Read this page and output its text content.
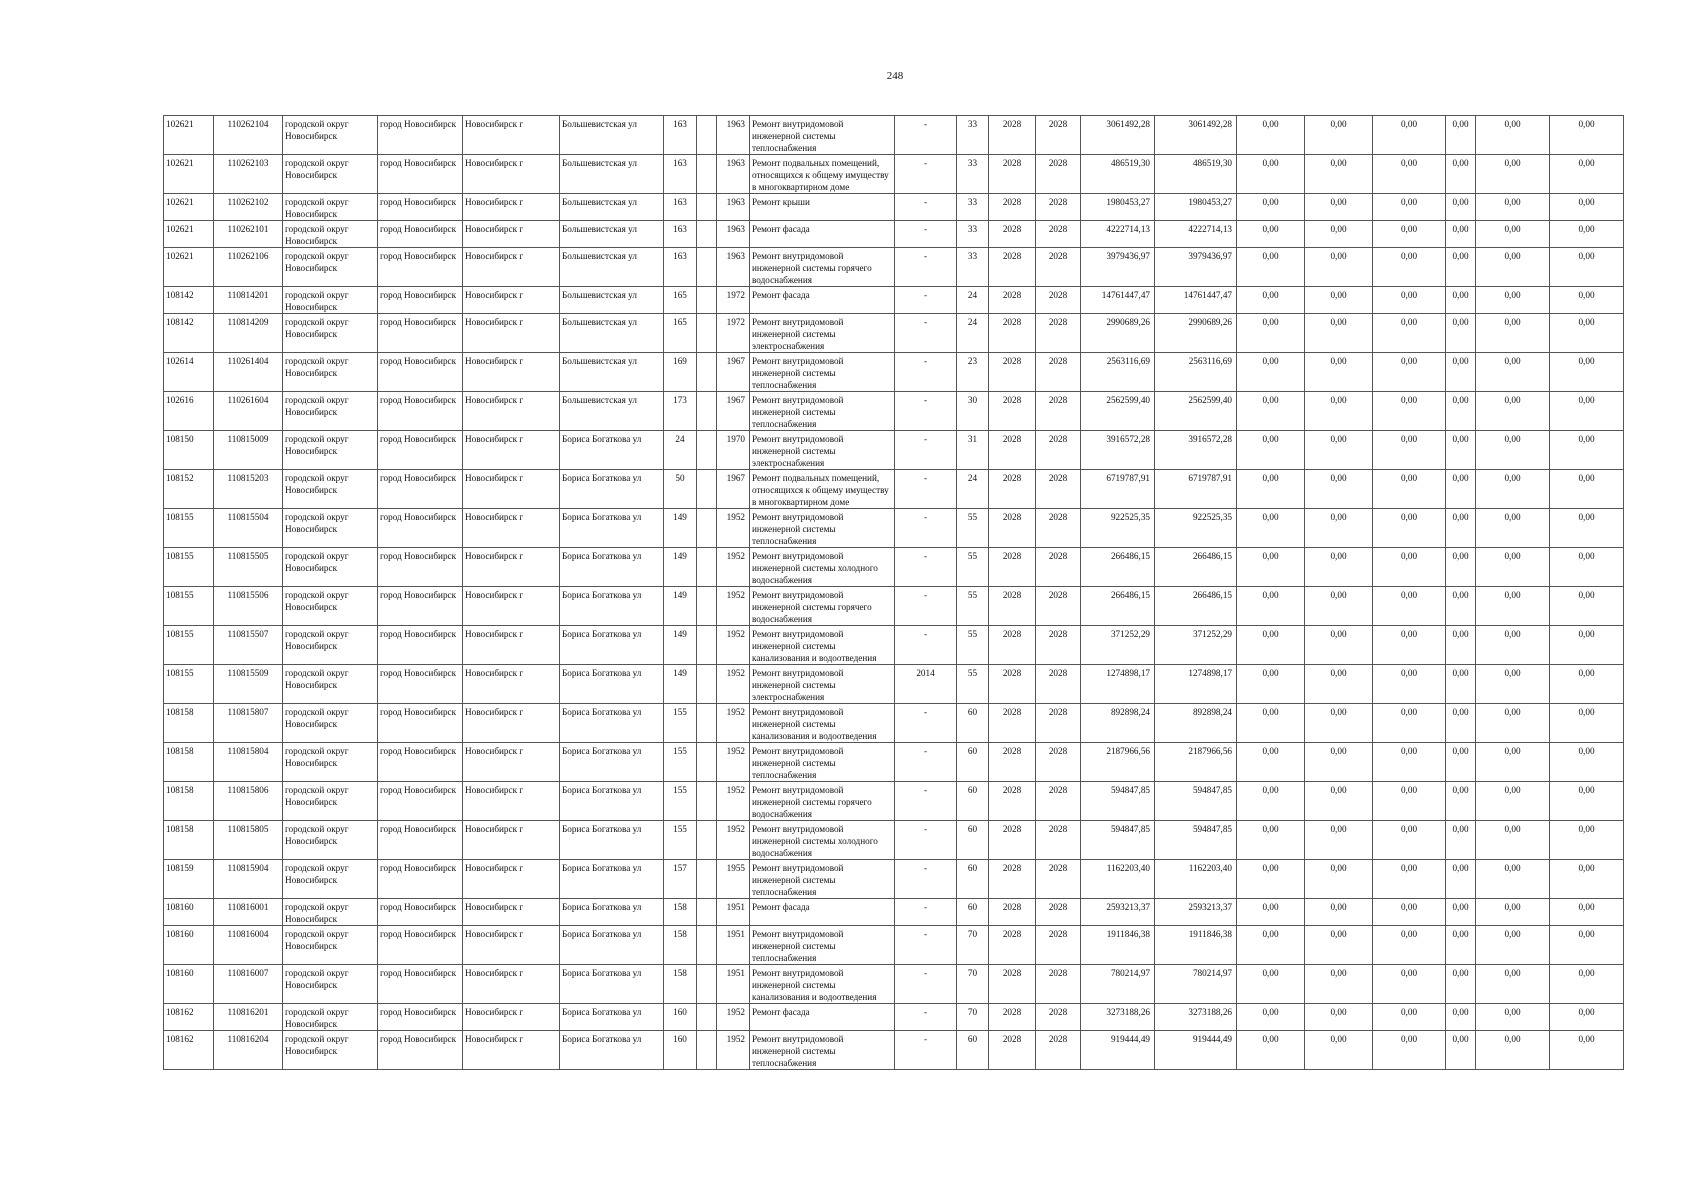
248
102621	110262104	городской округ Новосибирск	город Новосибирск	Новосибирск г	Большевистская ул	163		1963	Ремонт внутридомовой инженерной системы теплоснабжения	-	33	2028	2028	3061492,28	3061492,28	0,00	0,00	0,00	0,00	0,00	0,00
102621	110262103	городской округ Новосибирск	город Новосибирск	Новосибирск г	Большевистская ул	163		1963	Ремонт подвальных помещений, относящихся к общему имуществу в многоквартирном доме	-	33	2028	2028	486519,30	486519,30	0,00	0,00	0,00	0,00	0,00	0,00
102621	110262102	городской округ Новосибирск	город Новосибирск	Новосибирск г	Большевистская ул	163		1963	Ремонт крыши	-	33	2028	2028	1980453,27	1980453,27	0,00	0,00	0,00	0,00	0,00	0,00
102621	110262101	городской округ Новосибирск	город Новосибирск	Новосибирск г	Большевистская ул	163		1963	Ремонт фасада	-	33	2028	2028	4222714,13	4222714,13	0,00	0,00	0,00	0,00	0,00	0,00
102621	110262106	городской округ Новосибирск	город Новосибирск	Новосибирск г	Большевистская ул	163		1963	Ремонт внутридомовой инженерной системы горячего водоснабжения	-	33	2028	2028	3979436,97	3979436,97	0,00	0,00	0,00	0,00	0,00	0,00
108142	110814201	городской округ Новосибирск	город Новосибирск	Новосибирск г	Большевистская ул	165		1972	Ремонт фасада	-	24	2028	2028	14761447,47	14761447,47	0,00	0,00	0,00	0,00	0,00	0,00
108142	110814209	городской округ Новосибирск	город Новосибирск	Новосибирск г	Большевистская ул	165		1972	Ремонт внутридомовой инженерной системы электроснабжения	-	24	2028	2028	2990689,26	2990689,26	0,00	0,00	0,00	0,00	0,00	0,00
102614	110261404	городской округ Новосибирск	город Новосибирск	Новосибирск г	Большевистская ул	169		1967	Ремонт внутридомовой инженерной системы теплоснабжения	-	23	2028	2028	2563116,69	2563116,69	0,00	0,00	0,00	0,00	0,00	0,00
102616	110261604	городской округ Новосибирск	город Новосибирск	Новосибирск г	Большевистская ул	173		1967	Ремонт внутридомовой инженерной системы теплоснабжения	-	30	2028	2028	2562599,40	2562599,40	0,00	0,00	0,00	0,00	0,00	0,00
108150	110815009	городской округ Новосибирск	город Новосибирск	Новосибирск г	Бориса Богаткова ул	24		1970	Ремонт внутридомовой инженерной системы электроснабжения	-	31	2028	2028	3916572,28	3916572,28	0,00	0,00	0,00	0,00	0,00	0,00
108152	110815203	городской округ Новосибирск	город Новосибирск	Новосибирск г	Бориса Богаткова ул	50		1967	Ремонт подвальных помещений, относящихся к общему имуществу в многоквартирном доме	-	24	2028	2028	6719787,91	6719787,91	0,00	0,00	0,00	0,00	0,00	0,00
108155	110815504	городской округ Новосибирск	город Новосибирск	Новосибирск г	Бориса Богаткова ул	149		1952	Ремонт внутридомовой инженерной системы теплоснабжения	-	55	2028	2028	922525,35	922525,35	0,00	0,00	0,00	0,00	0,00	0,00
108155	110815505	городской округ Новосибирск	город Новосибирск	Новосибирск г	Бориса Богаткова ул	149		1952	Ремонт внутридомовой инженерной системы холодного водоснабжения	-	55	2028	2028	266486,15	266486,15	0,00	0,00	0,00	0,00	0,00	0,00
108155	110815506	городской округ Новосибирск	город Новосибирск	Новосибирск г	Бориса Богаткова ул	149		1952	Ремонт внутридомовой инженерной системы горячего водоснабжения	-	55	2028	2028	266486,15	266486,15	0,00	0,00	0,00	0,00	0,00	0,00
108155	110815507	городской округ Новосибирск	город Новосибирск	Новосибирск г	Бориса Богаткова ул	149		1952	Ремонт внутридомовой инженерной системы канализования и водоотведения	-	55	2028	2028	371252,29	371252,29	0,00	0,00	0,00	0,00	0,00	0,00
108155	110815509	городской округ Новосибирск	город Новосибирск	Новосибирск г	Бориса Богаткова ул	149		1952	Ремонт внутридомовой инженерной системы электроснабжения	2014	55	2028	2028	1274898,17	1274898,17	0,00	0,00	0,00	0,00	0,00	0,00
108158	110815807	городской округ Новосибирск	город Новосибирск	Новосибирск г	Бориса Богаткова ул	155		1952	Ремонт внутридомовой инженерной системы канализования и водоотведения	-	60	2028	2028	892898,24	892898,24	0,00	0,00	0,00	0,00	0,00	0,00
108158	110815804	городской округ Новосибирск	город Новосибирск	Новосибирск г	Бориса Богаткова ул	155		1952	Ремонт внутридомовой инженерной системы теплоснабжения	-	60	2028	2028	2187966,56	2187966,56	0,00	0,00	0,00	0,00	0,00	0,00
108158	110815806	городской округ Новосибирск	город Новосибирск	Новосибирск г	Бориса Богаткова ул	155		1952	Ремонт внутридомовой инженерной системы горячего водоснабжения	-	60	2028	2028	594847,85	594847,85	0,00	0,00	0,00	0,00	0,00	0,00
108158	110815805	городской округ Новосибирск	город Новосибирск	Новосибирск г	Бориса Богаткова ул	155		1952	Ремонт внутридомовой инженерной системы холодного водоснабжения	-	60	2028	2028	594847,85	594847,85	0,00	0,00	0,00	0,00	0,00	0,00
108159	110815904	городской округ Новосибирск	город Новосибирск	Новосибирск г	Бориса Богаткова ул	157		1955	Ремонт внутридомовой инженерной системы теплоснабжения	-	60	2028	2028	1162203,40	1162203,40	0,00	0,00	0,00	0,00	0,00	0,00
108160	110816001	городской округ Новосибирск	город Новосибирск	Новосибирск г	Бориса Богаткова ул	158		1951	Ремонт фасада	-	60	2028	2028	2593213,37	2593213,37	0,00	0,00	0,00	0,00	0,00	0,00
108160	110816004	городской округ Новосибирск	город Новосибирск	Новосибирск г	Бориса Богаткова ул	158		1951	Ремонт внутридомовой инженерной системы теплоснабжения	-	70	2028	2028	1911846,38	1911846,38	0,00	0,00	0,00	0,00	0,00	0,00
108160	110816007	городской округ Новосибирск	город Новосибирск	Новосибирск г	Бориса Богаткова ул	158		1951	Ремонт внутридомовой инженерной системы канализования и водоотведения	-	70	2028	2028	780214,97	780214,97	0,00	0,00	0,00	0,00	0,00	0,00
108162	110816201	городской округ Новосибирск	город Новосибирск	Новосибирск г	Бориса Богаткова ул	160		1952	Ремонт фасада	-	70	2028	2028	3273188,26	3273188,26	0,00	0,00	0,00	0,00	0,00	0,00
108162	110816204	городской округ Новосибирск	город Новосибирск	Новосибирск г	Бориса Богаткова ул	160		1952	Ремонт внутридомовой инженерной системы теплоснабжения	-	60	2028	2028	919444,49	919444,49	0,00	0,00	0,00	0,00	0,00	0,00
